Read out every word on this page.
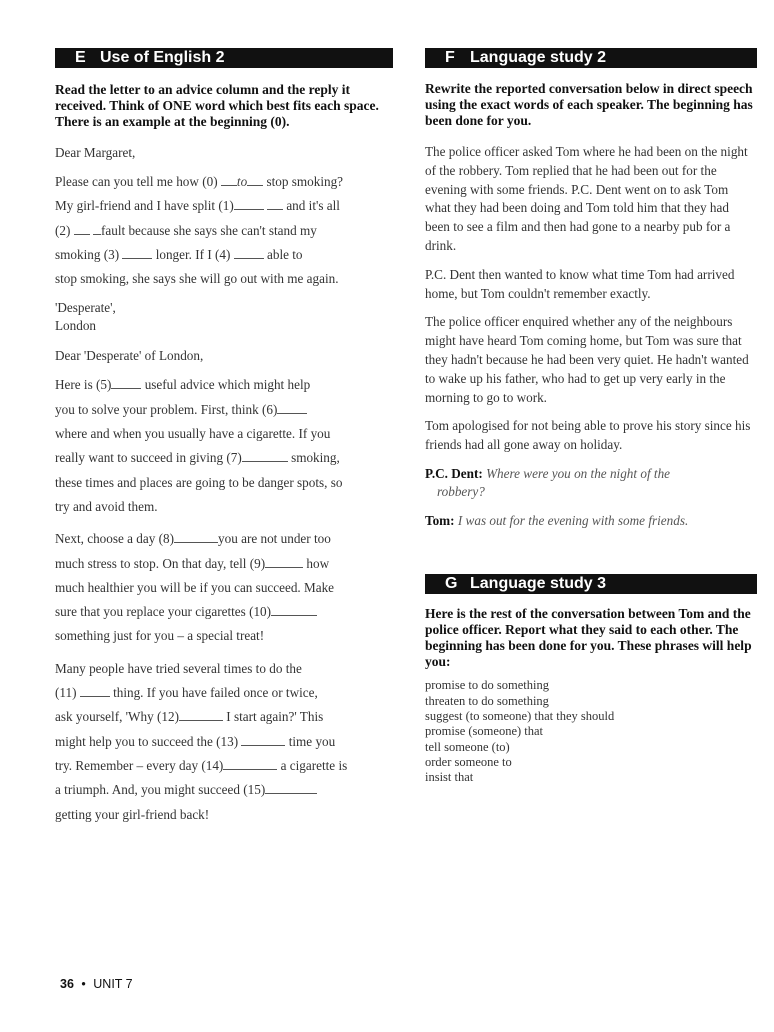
E Use of English 2
Read the letter to an advice column and the reply it received. Think of ONE word which best fits each space. There is an example at the beginning (0).

Dear Margaret,

Please can you tell me how (0) to stop smoking?

My girl-friend and I have split (1)	and it's all

(2) fault because she says she can't stand my

smoking (3)	longer. If I (4)	able to

stop smoking, she says she will go out with me again.

'Desperate',

London

Dear 'Desperate' of London,

Here is (5)	useful advice which might help

you to solve your problem. First, think (6)

where and when you usually have a cigarette. If you

really want to succeed in giving (7)	smoking,

these times and places are going to be danger spots, so

try and avoid them.

Next, choose a day (8)	you are not under too

much stress to stop. On that day, tell (9)	how

much healthier you will be if you can succeed. Make

sure that you replace your cigarettes (10)

something just for you – a special treat!

Many people have tried several times to do the

(11)	thing. If you have failed once or twice,

ask yourself, 'Why (12)	I start again?' This

might help you to succeed the (13)	time you

try. Remember – every day (14)	a cigarette is

a triumph. And, you might succeed (15)

getting your girl-friend back!

F Language study 2
Rewrite the reported conversation below in direct speech using the exact words of each speaker. The beginning has been done for you.

The police officer asked Tom where he had been on the night of the robbery. Tom replied that he had been out for the evening with some friends. P.C. Dent went on to ask Tom what they had been doing and Tom told him that they had been to see a film and then had gone to a nearby pub for a drink.

P.C. Dent then wanted to know what time Tom had arrived home, but Tom couldn't remember exactly.

The police officer enquired whether any of the neighbours might have heard Tom coming home, but Tom was sure that they hadn't because he had been very quiet. He hadn't wanted to wake up his father, who had to get up very early in the morning to go to work.

Tom apologised for not being able to prove his story since his friends had all gone away on holiday.

P.C. Dent: Where were you on the night of the
robbery?
Tom: I was out for the evening with some friends.
G Language study 3
Here is the rest of the conversation between Tom and the police officer. Report what they said to each other. The beginning has been done for you. These phrases will help you:

promise to do something

threaten to do something

suggest (to someone) that they should

promise (someone) that

tell someone (to)

order someone to

insist that

36 • UNIT 7
